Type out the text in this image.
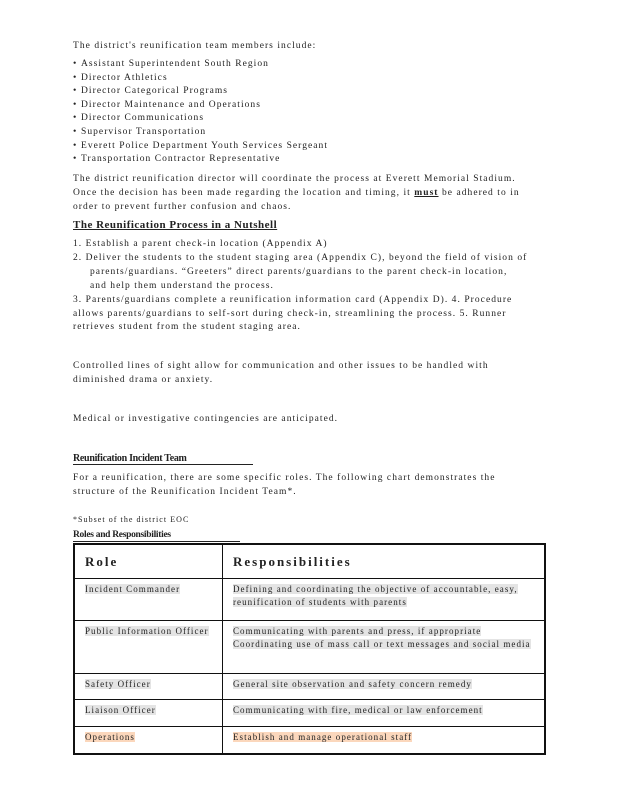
The district's reunification team members include:

• Assistant Superintendent South Region
• Director Athletics
• Director Categorical Programs
• Director Maintenance and Operations
• Director Communications
• Supervisor Transportation
• Everett Police Department Youth Services Sergeant
• Transportation Contractor Representative

The district reunification director will coordinate the process at Everett Memorial Stadium.

Once the decision has been made regarding the location and timing, it must be adhered to in

order to prevent further confusion and chaos.

The Reunification Process in a Nutshell

1. Establish a parent check-in location (Appendix A)

2. Deliver the students to the student staging area (Appendix C), beyond the field of vision of

parents/guardians. “Greeters” direct parents/guardians to the parent check-in location,

and help them understand the process.

3. Parents/guardians complete a reunification information card (Appendix D). 4. Procedure

allows parents/guardians to self-sort during check-in, streamlining the process. 5. Runner

retrieves student from the student staging area.

Controlled lines of sight allow for communication and other issues to be handled with

diminished drama or anxiety.

Medical or investigative contingencies are anticipated.

Reunification Incident Team

For a reunification, there are some specific roles. The following chart demonstrates the

structure of the Reunification Incident Team*.

*Subset of the district EOC

Roles and Responsibilities
Role	Responsibilities
Incident Commander	Defining and coordinating the objective of accountable, easy, reunification of students with parents
Public Information Officer	Communicating with parents and press, if appropriate Coordinating use of mass call or text messages and social media
Safety Officer	General site observation and safety concern remedy
Liaison Officer	Communicating with fire, medical or law enforcement
Operations	Establish and manage operational staff
